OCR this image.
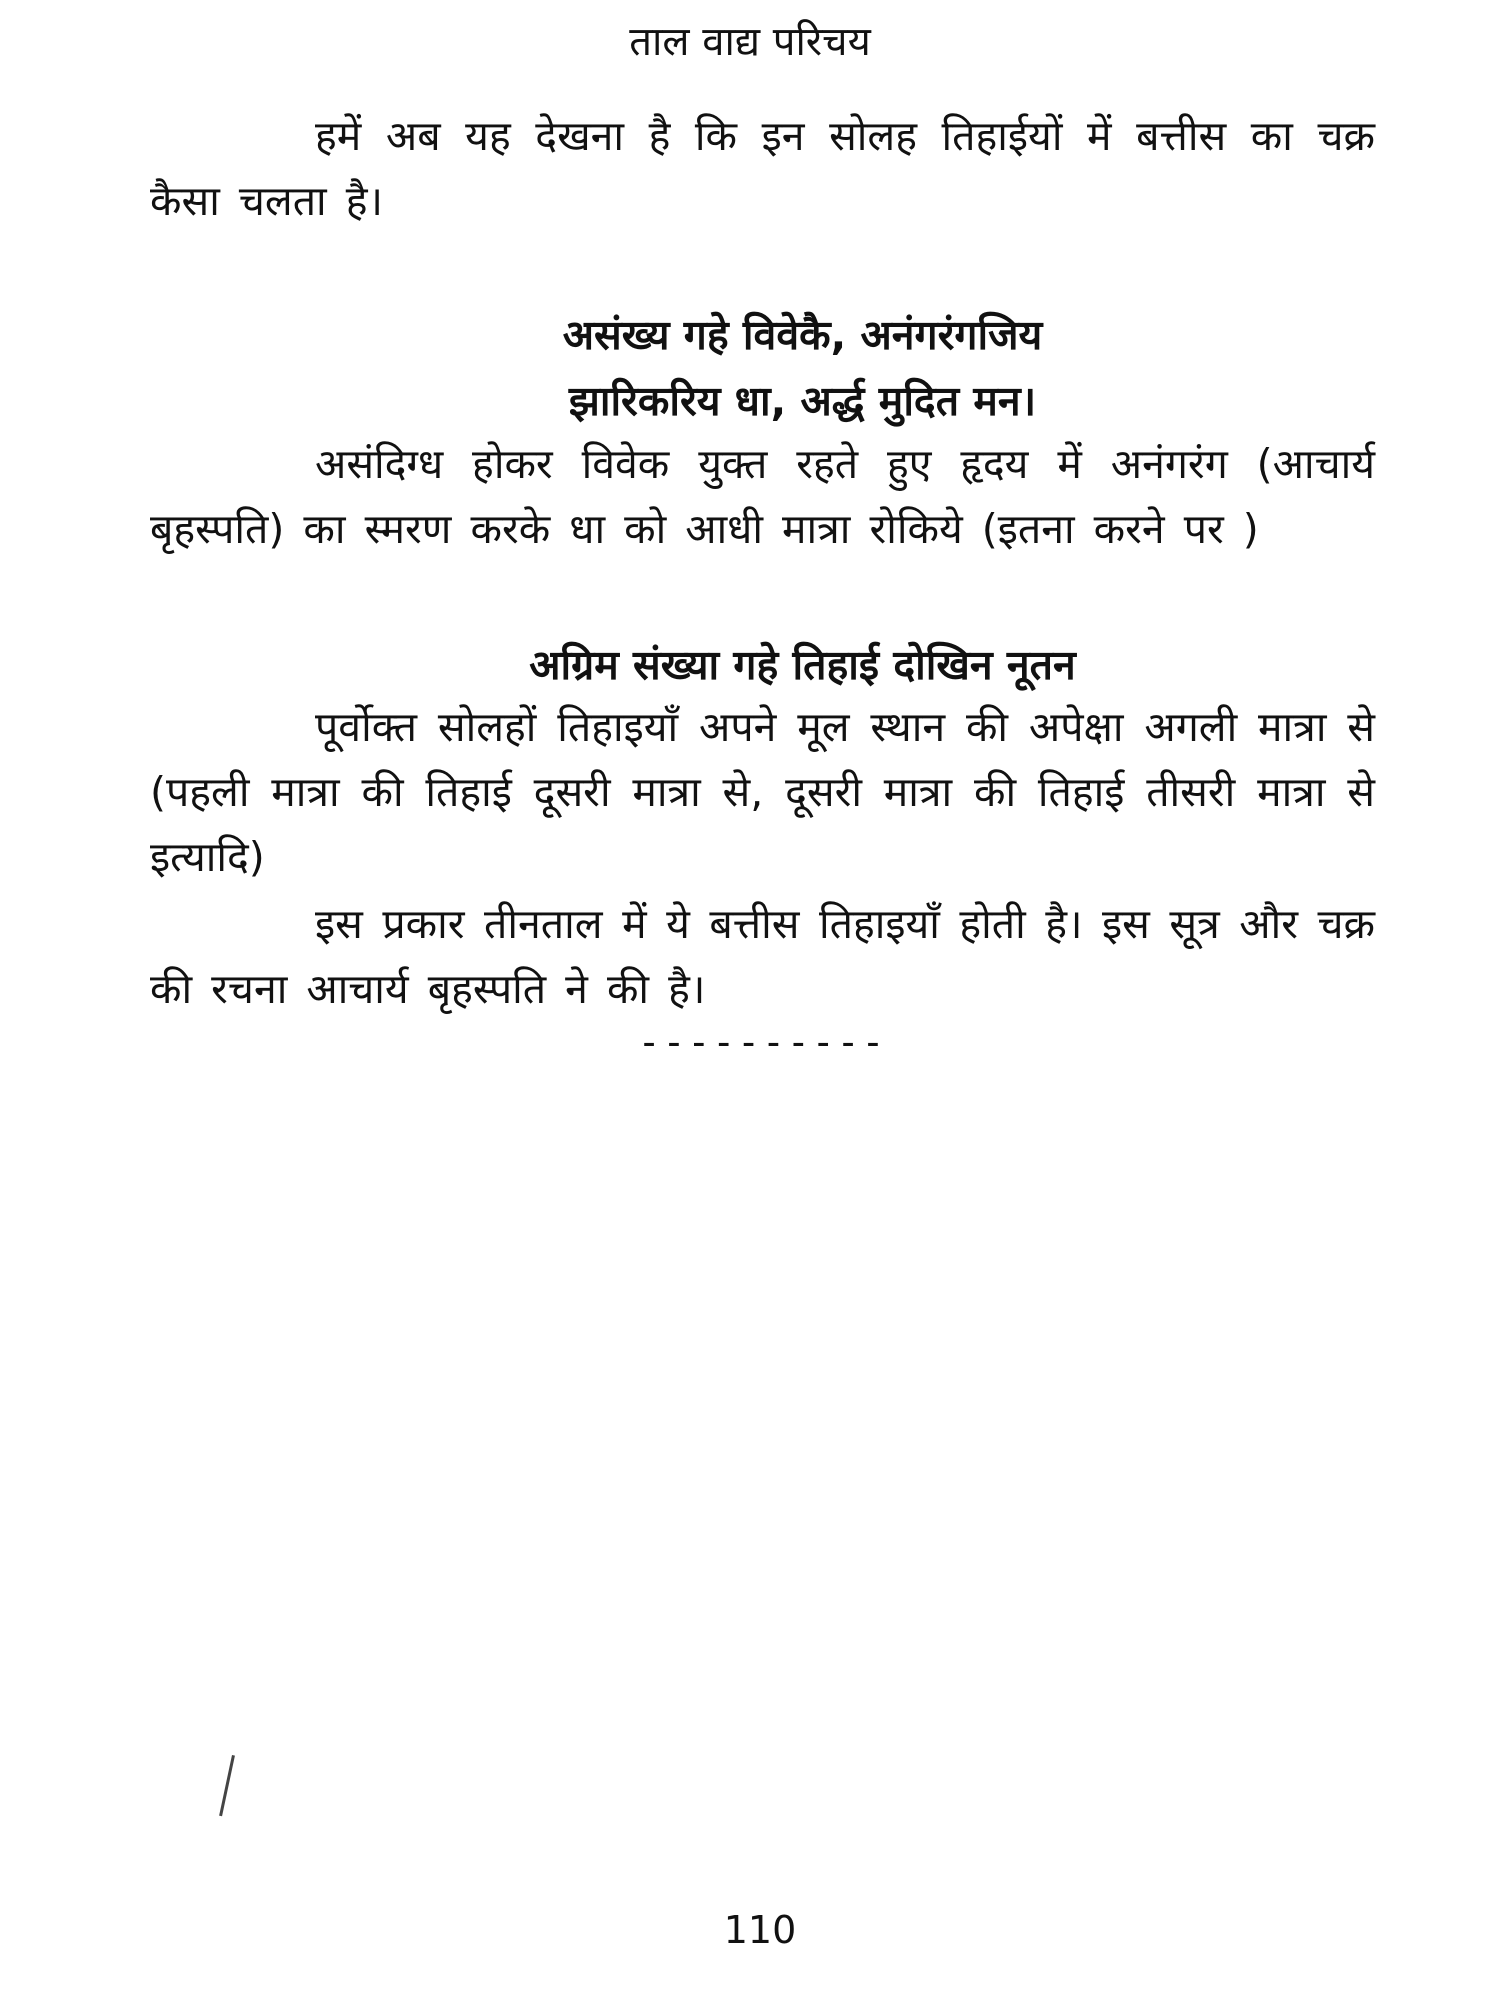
ताल वाद्य परिचय

हमें अब यह देखना है कि इन सोलह तिहाईयों में बत्तीस का चक्र कैसा चलता है।

असंख्य गहे विवेकै, अनंगरंगजिय

झारिकरिय धा, अर्द्ध मुदित मन।

असंदिग्ध होकर विवेक युक्त रहते हुए हृदय में अनंगरंग (आचार्य बृहस्पति) का स्मरण करके धा को आधी मात्रा रोकिये (इतना करने पर )

अग्रिम संख्या गहे तिहाई दोखिन नूतन

पूर्वोक्त सोलहों तिहाइयाँ अपने मूल स्थान की अपेक्षा अगली मात्रा से (पहली मात्रा की तिहाई दूसरी मात्रा से, दूसरी मात्रा की तिहाई तीसरी मात्रा से इत्यादि)

इस प्रकार तीनताल में ये बत्तीस तिहाइयाँ होती है। इस सूत्र और चक्र की रचना आचार्य बृहस्पति ने की है।

----------
110
